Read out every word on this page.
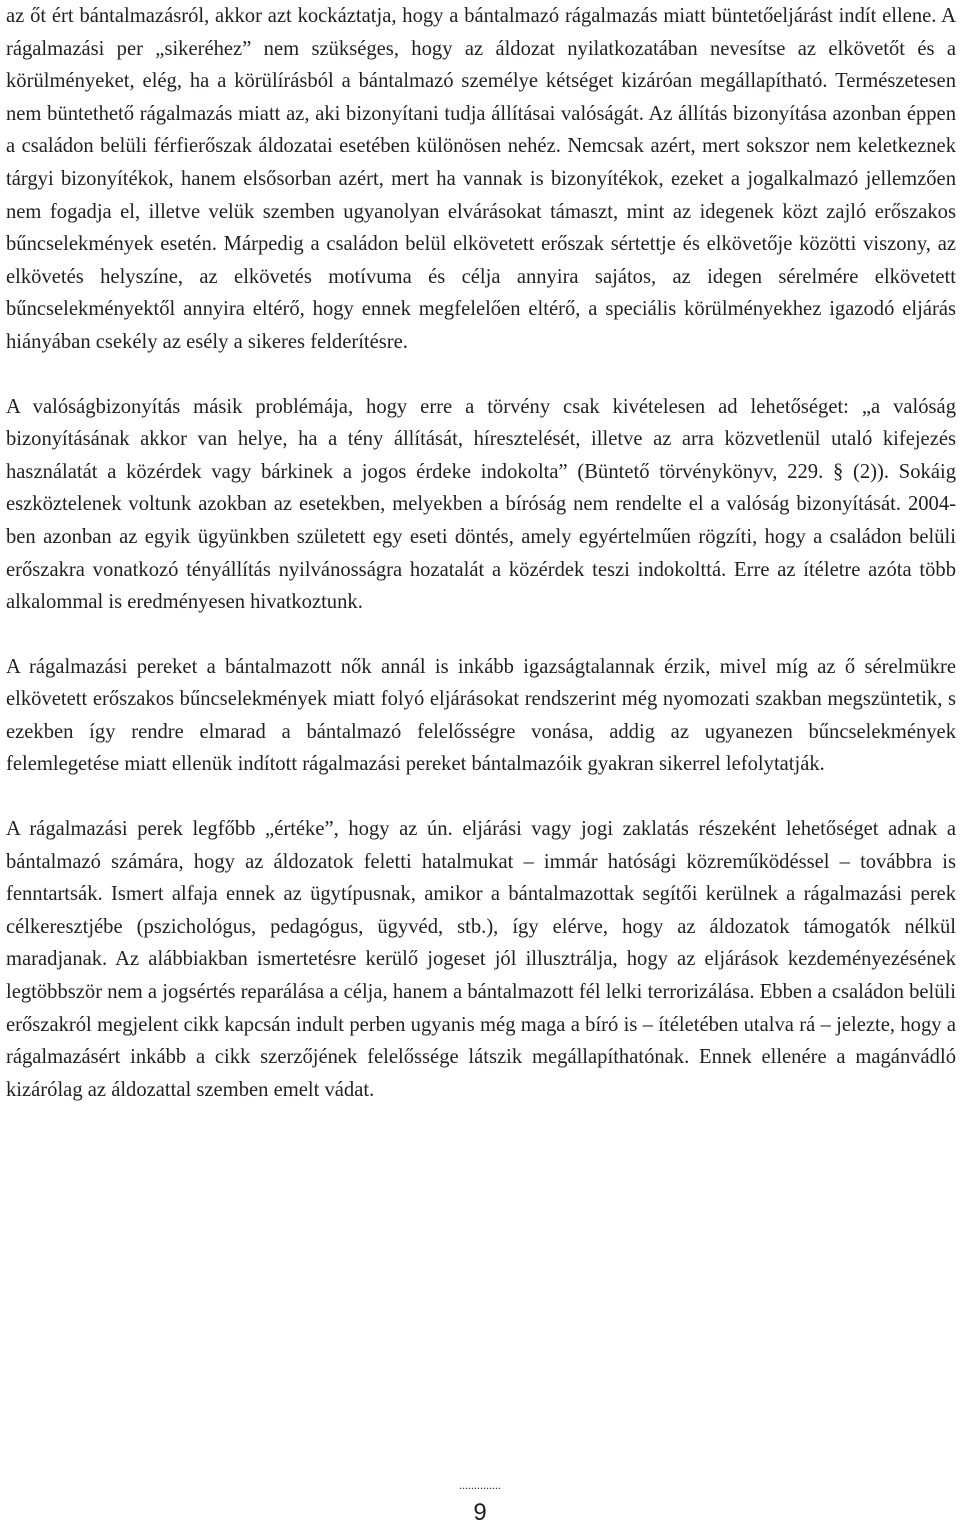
az őt ért bántalmazásról, akkor azt kockáztatja, hogy a bántalmazó rágalmazás miatt büntetőeljárást indít ellene. A rágalmazási per „sikeréhez” nem szükséges, hogy az áldozat nyilatkozatában nevesítse az elkövetőt és a körülményeket, elég, ha a körülírásból a bántalmazó személye kétséget kizáróan megállapítható. Természetesen nem büntethető rágalmazás miatt az, aki bizonyítani tudja állításai valóságát. Az állítás bizonyítása azonban éppen a családon belüli férfierőszak áldozatai esetében különösen nehéz. Nemcsak azért, mert sokszor nem keletkeznek tárgyi bizonyítékok, hanem elsősorban azért, mert ha vannak is bizonyítékok, ezeket a jogalkalmazó jellemzően nem fogadja el, illetve velük szemben ugyanolyan elvárásokat támaszt, mint az idegenek közt zajló erőszakos bűncselekmények esetén. Márpedig a családon belül elkövetett erőszak sértettje és elkövetője közötti viszony, az elkövetés helyszíne, az elkövetés motívuma és célja annyira sajátos, az idegen sérelmére elkövetett bűncselekményektől annyira eltérő, hogy ennek megfelelően eltérő, a speciális körülményekhez igazodó eljárás hiányában csekély az esély a sikeres felderítésre.

A valóságbizonyítás másik problémája, hogy erre a törvény csak kivételesen ad lehetőséget: „a valóság bizonyításának akkor van helye, ha a tény állítását, híresztelését, illetve az arra közvetlenül utaló kifejezés használatát a közérdek vagy bárkinek a jogos érdeke indokolta” (Büntető törvénykönyv, 229. § (2)). Sokáig eszköztelenek voltunk azokban az esetekben, melyekben a bíróság nem rendelte el a valóság bizonyítását. 2004-ben azonban az egyik ügyünkben született egy eseti döntés, amely egyértelműen rögzíti, hogy a családon belüli erőszakra vonatkozó tényállítás nyilvánosságra hozatalát a közérdek teszi indokolttá. Erre az ítéletre azóta több alkalommal is eredményesen hivatkoztunk.

A rágalmazási pereket a bántalmazott nők annál is inkább igazságtalannak érzik, mivel míg az ő sérelmükre elkövetett erőszakos bűncselekmények miatt folyó eljárásokat rendszerint még nyomozati szakban megszüntetik, s ezekben így rendre elmarad a bántalmazó felelősségre vonása, addig az ugyanezen bűncselekmények felemlegetése miatt ellenük indított rágalmazási pereket bántalmazóik gyakran sikerrel lefolytatják.

A rágalmazási perek legfőbb „értéke”, hogy az ún. eljárási vagy jogi zaklatás részeként lehetőséget adnak a bántalmazó számára, hogy az áldozatok feletti hatalmukat – immár hatósági közreműködéssel – továbbra is fenntartsák. Ismert alfaja ennek az ügytípusnak, amikor a bántalmazottak segítői kerülnek a rágalmazási perek célkeresztjébe (pszichológus, pedagógus, ügyvéd, stb.), így elérve, hogy az áldozatok támogatók nélkül maradjanak. Az alábbiakban ismertetésre kerülő jogeset jól illusztrálja, hogy az eljárások kezdeményezésének legtöbbször nem a jogsértés reparálása a célja, hanem a bántalmazott fél lelki terrorizálása. Ebben a családon belüli erőszakról megjelent cikk kapcsán indult perben ugyanis még maga a bíró is – ítéletében utalva rá – jelezte, hogy a rágalmazásért inkább a cikk szerzőjének felelőssége látszik megállapíthatónak. Ennek ellenére a magánvádló kizárólag az áldozattal szemben emelt vádat.

..............
9
